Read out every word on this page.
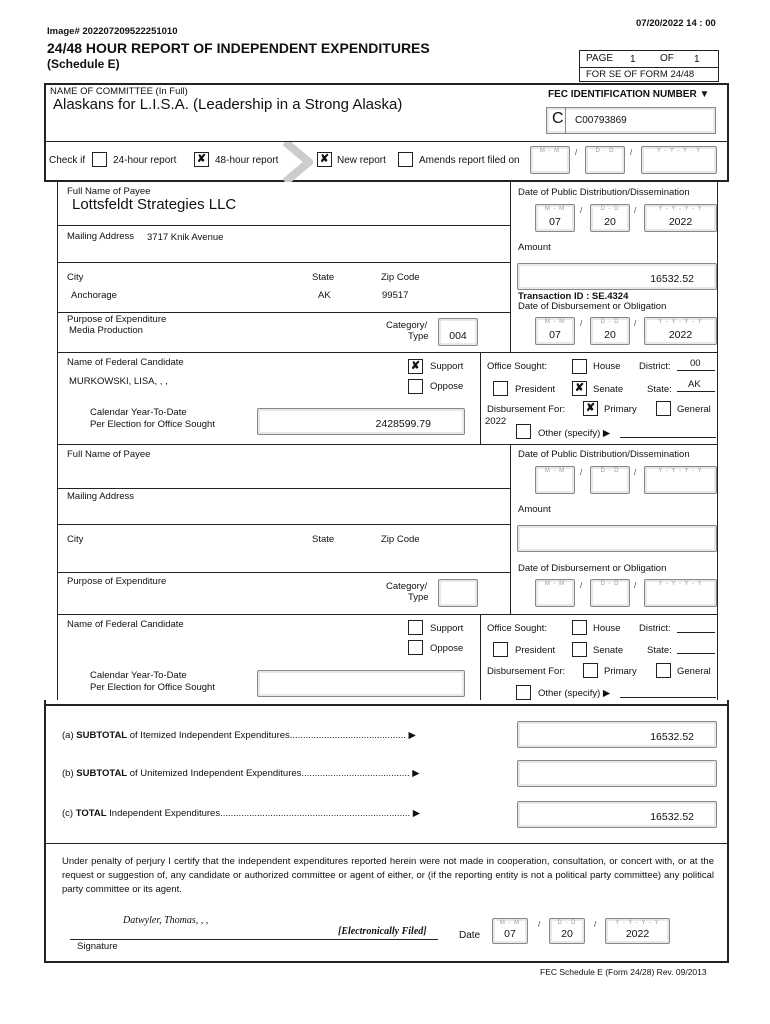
Image# 202207209522251010
07/20/2022 14 : 00
24/48 HOUR REPORT OF INDEPENDENT EXPENDITURES
(Schedule E)	PAGE 1 OF 1
FOR SE OF FORM 24/48
NAME OF COMMITTEE (In Full)
Alaskans for L.I.S.A. (Leadership in a Strong Alaska)
FEC IDENTIFICATION NUMBER ▼
C C00793869
Check if	24-hour report ✘ 48-hour report	✘ New report	Amends report filed on
M - M	/	D - D	/	Y - Y - Y - Y
Full Name of Payee
Lottsfeldt Strategies LLC
Date of Public Distribution/Dissemination
M - M
07
/	D - D
20
/	Y - Y - Y - Y
2022
Mailing Address 3717 Knik Avenue
Amount
City	State	Zip Code
Anchorage	AK	99517
16532.52
Transaction ID : SE.4324
Date of Disbursement or Obligation
Purpose of Expenditure
Media Production	Category/
Type	004
M - M
07
/	D - D
20
/	Y - Y - Y - Y
2022
Name of Federal Candidate
MURKOWSKI, LISA, , ,
✘	Support
Oppose
Office Sought:	House District: 00
President ✘ Senate	State: AK
Calendar Year-To-Date
Per Election for Office Sought	2428599.79
Disbursement For:
2022
✘ Primary	General
Other (specify) ▶
Full Name of Payee	Date of Public Distribution/Dissemination
M - M	/	D - D	/	Y - Y - Y - Y
Mailing Address
Amount
City	State	Zip Code
Date of Disbursement or Obligation
Purpose of Expenditure	Category/
Type
M - M	/	D - D	/	Y - Y - Y - Y
Name of Federal Candidate	Support
Oppose
Office Sought:	House District:
President	Senate	State:
Calendar Year-To-Date
Per Election for Office Sought
Disbursement For:	Primary	General
Other (specify) ▶
(a) SUBTOTAL of Itemized Independent Expenditures............................................ ▶	16532.52
(b) SUBTOTAL of Unitemized Independent Expenditures......................................... ▶
(c) TOTAL Independent Expenditures........................................................................ ▶	16532.52
Under penalty of perjury I certify that the independent expenditures reported herein were not made in cooperation, consultation, or concert with, or at the request or suggestion of, any candidate or authorized committee or agent of either, or (if the reporting entity is not a political party committee) any political party committee or its agent.
Datwyler, Thomas, , ,
[Electronically Filed]
Signature
Date
M - M
07
/	D - D
20
/	Y - Y - Y - Y
2022
FEC Schedule E (Form 24/28) Rev. 09/2013
